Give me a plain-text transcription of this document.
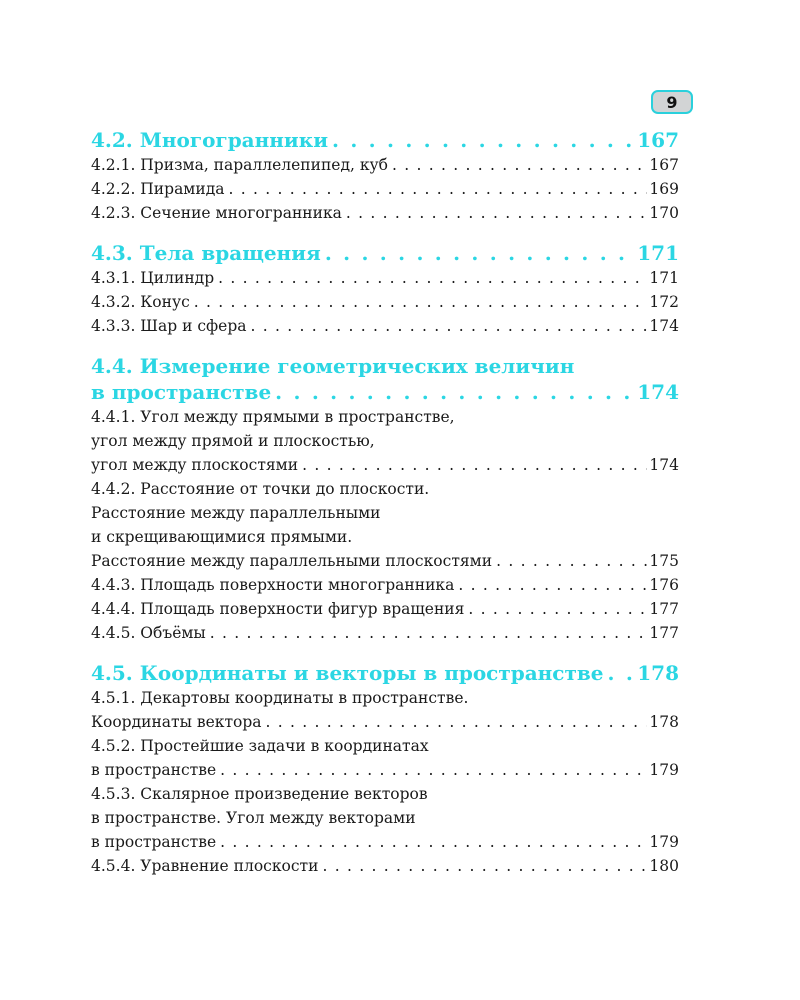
9
4.2. Многогранники . . .	167
4.2.1. Призма, параллелепипед, куб . . .	167
4.2.2. Пирамида . . .	169
4.2.3. Сечение многогранника . . .	170
4.3. Тела вращения . . .	171
4.3.1. Цилиндр . . .	171
4.3.2. Конус . . .	172
4.3.3. Шар и сфера . . .	174
4.4. Измерение геометрических величин
в пространстве . . .	174
4.4.1. Угол между прямыми в пространстве,
угол между прямой и плоскостью,
угол между плоскостями . . .	174
4.4.2. Расстояние от точки до плоскости.
Расстояние между параллельными
и скрещивающимися прямыми.
Расстояние между параллельными плоскостями . . .	175
4.4.3. Площадь поверхности многогранника . . .	176
4.4.4. Площадь поверхности фигур вращения . . .	177
4.4.5. Объёмы . . .	177
4.5. Координаты и векторы в пространстве . . . 178
4.5.1. Декартовы координаты в пространстве.
Координаты вектора . . .	178
4.5.2. Простейшие задачи в координатах
в пространстве . . .	179
4.5.3. Скалярное произведение векторов
в пространстве. Угол между векторами
в пространстве . . .	179
4.5.4. Уравнение плоскости . . .	180
